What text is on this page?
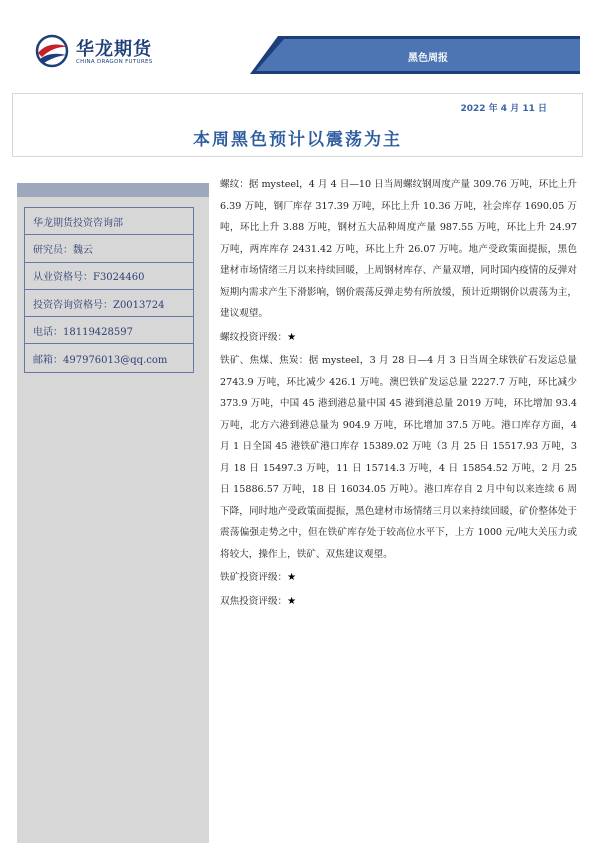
华龙期货
CHINA DRAGON FUTURES	黑色周报
2022 年 4 月 11 日
本周黑色预计以震荡为主
华龙期货投资咨询部
研究员：魏云
从业资格号：F3024460
投资咨询资格号：Z0013724
电话：18119428597
邮箱：497976013@qq.com

螺纹：据 mysteel，4 月 4 日—10 日当周螺纹钢周度产量 309.76 万吨，环比上升 6.39 万吨，钢厂库存 317.39 万吨，环比上升 10.36 万吨，社会库存 1690.05 万吨，环比上升 3.88 万吨，钢材五大品种周度产量 987.55 万吨，环比上升 24.97 万吨，两库库存 2431.42 万吨，环比上升 26.07 万吨。地产受政策面提振，黑色建材市场情绪三月以来持续回暖，上周钢材库存、产量双增，同时国内疫情的反弹对短期内需求产生下滑影响，钢价震荡反弹走势有所放缓，预计近期钢价以震荡为主，建议观望。

螺纹投资评级：★

铁矿、焦煤、焦炭：据 mysteel，3 月 28 日—4 月 3 日当周全球铁矿石发运总量 2743.9 万吨，环比减少 426.1 万吨。澳巴铁矿发运总量 2227.7 万吨，环比减少 373.9 万吨，中国 45 港到港总量中国 45 港到港总量 2019 万吨，环比增加 93.4 万吨，北方六港到港总量为 904.9 万吨，环比增加 37.5 万吨。港口库存方面，4 月 1 日全国 45 港铁矿港口库存 15389.02 万吨（3 月 25 日 15517.93 万吨，3 月 18 日 15497.3 万吨，11 日 15714.3 万吨，4 日 15854.52 万吨，2 月 25 日 15886.57 万吨，18 日 16034.05 万吨）。港口库存自 2 月中旬以来连续 6 周下降，同时地产受政策面提振，黑色建材市场情绪三月以来持续回暖，矿价整体处于震荡偏强走势之中，但在铁矿库存处于较高位水平下，上方 1000 元/吨大关压力或将较大，操作上，铁矿、双焦建议观望。

铁矿投资评级：★

双焦投资评级：★
